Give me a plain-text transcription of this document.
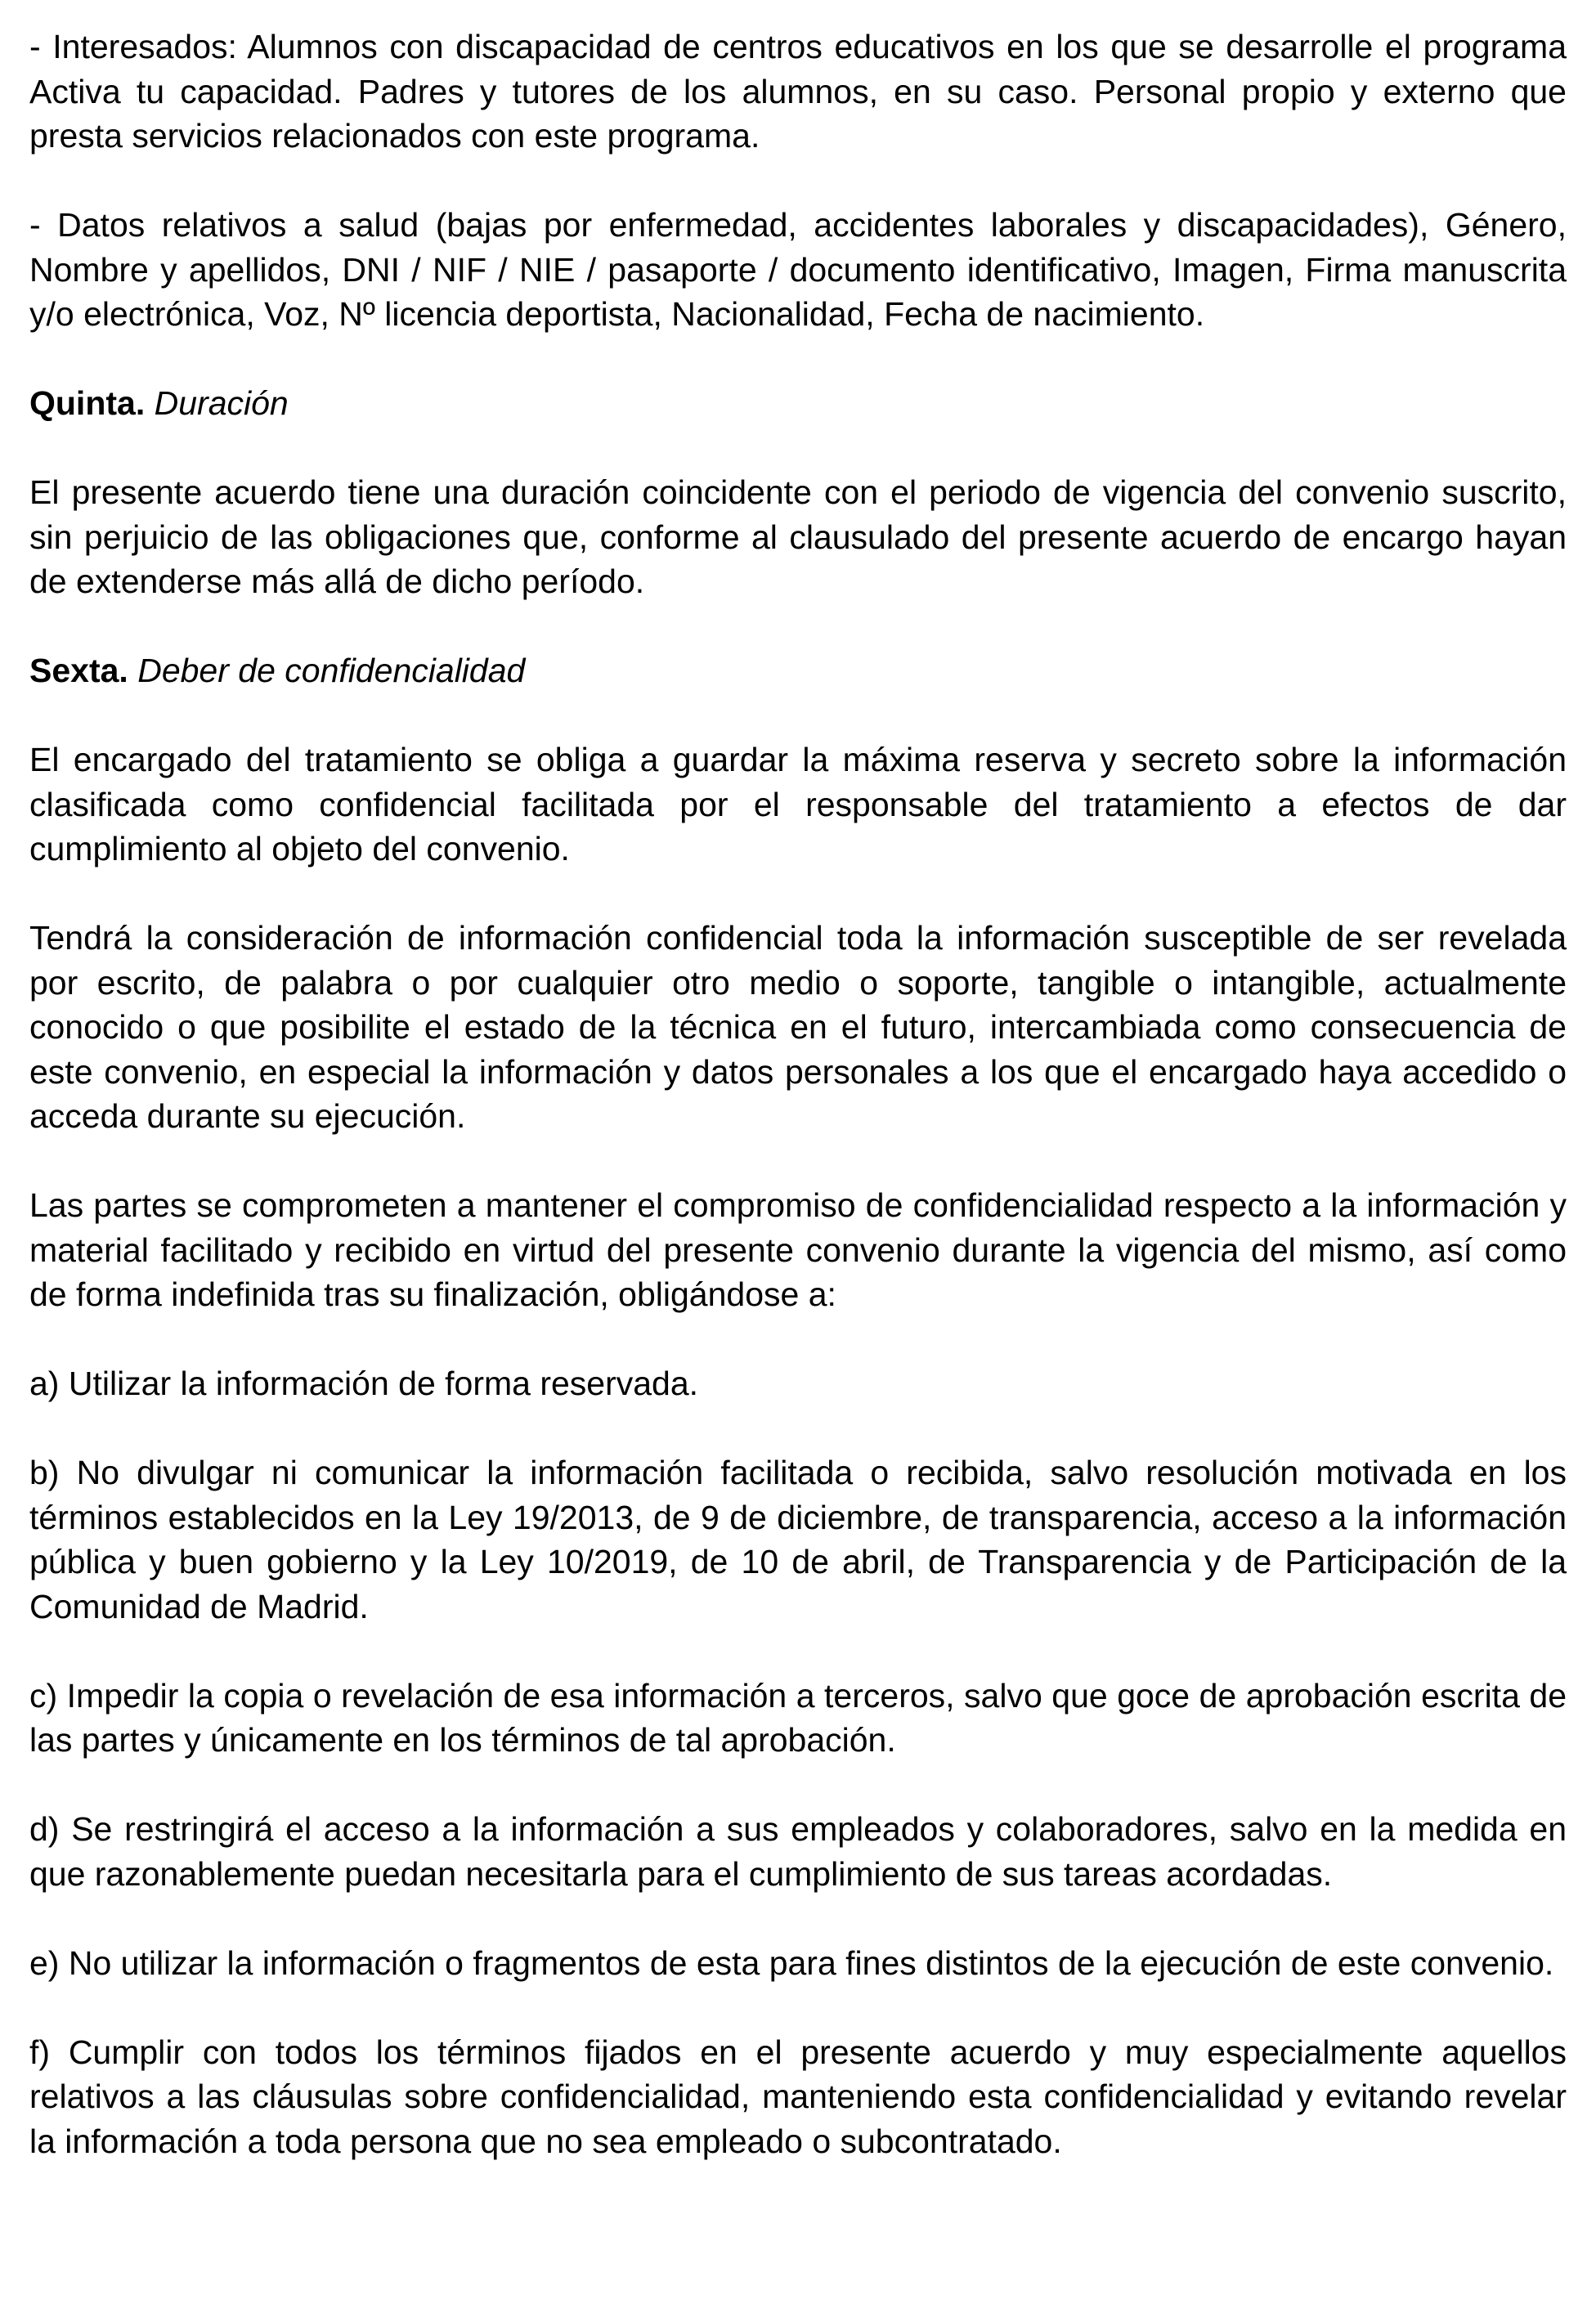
- Interesados: Alumnos con discapacidad de centros educativos en los que se desarrolle el programa Activa tu capacidad. Padres y tutores de los alumnos, en su caso. Personal propio y externo que presta servicios relacionados con este programa.

- Datos relativos a salud (bajas por enfermedad, accidentes laborales y discapacidades), Género, Nombre y apellidos, DNI / NIF / NIE / pasaporte / documento identificativo, Imagen, Firma manuscrita y/o electrónica, Voz, Nº licencia deportista, Nacionalidad, Fecha de nacimiento.

Quinta. Duración

El presente acuerdo tiene una duración coincidente con el periodo de vigencia del convenio suscrito, sin perjuicio de las obligaciones que, conforme al clausulado del presente acuerdo de encargo hayan de extenderse más allá de dicho período.

Sexta. Deber de confidencialidad

El encargado del tratamiento se obliga a guardar la máxima reserva y secreto sobre la información clasificada como confidencial facilitada por el responsable del tratamiento a efectos de dar cumplimiento al objeto del convenio.

Tendrá la consideración de información confidencial toda la información susceptible de ser revelada por escrito, de palabra o por cualquier otro medio o soporte, tangible o intangible, actualmente conocido o que posibilite el estado de la técnica en el futuro, intercambiada como consecuencia de este convenio, en especial la información y datos personales a los que el encargado haya accedido o acceda durante su ejecución.

Las partes se comprometen a mantener el compromiso de confidencialidad respecto a la información y material facilitado y recibido en virtud del presente convenio durante la vigencia del mismo, así como de forma indefinida tras su finalización, obligándose a:

a) Utilizar la información de forma reservada.

b) No divulgar ni comunicar la información facilitada o recibida, salvo resolución motivada en los términos establecidos en la Ley 19/2013, de 9 de diciembre, de transparencia, acceso a la información pública y buen gobierno y la Ley 10/2019, de 10 de abril, de Transparencia y de Participación de la Comunidad de Madrid.

c) Impedir la copia o revelación de esa información a terceros, salvo que goce de aprobación escrita de las partes y únicamente en los términos de tal aprobación.

d) Se restringirá el acceso a la información a sus empleados y colaboradores, salvo en la medida en que razonablemente puedan necesitarla para el cumplimiento de sus tareas acordadas.

e) No utilizar la información o fragmentos de esta para fines distintos de la ejecución de este convenio.

f) Cumplir con todos los términos fijados en el presente acuerdo y muy especialmente aquellos relativos a las cláusulas sobre confidencialidad, manteniendo esta confidencialidad y evitando revelar la información a toda persona que no sea empleado o subcontratado.
